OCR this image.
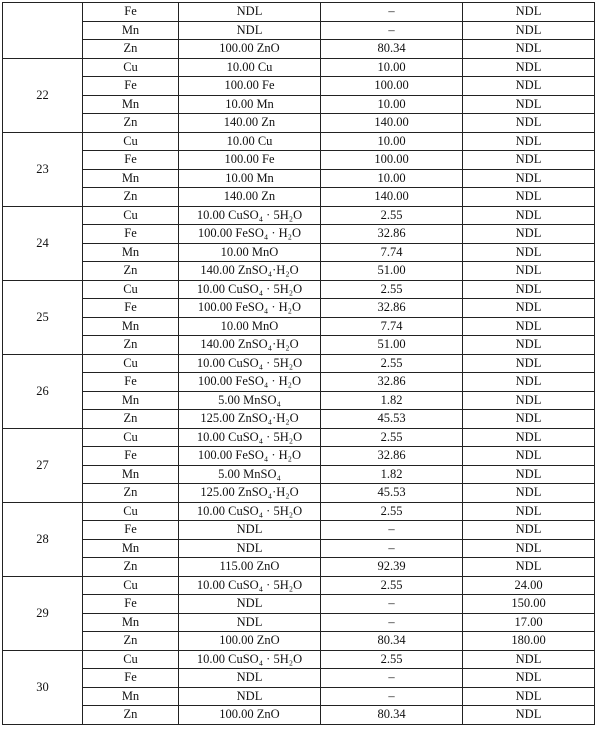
	Fe	NDL	–	NDL
	Mn	NDL	–	NDL
	Zn	100.00 ZnO	80.34	NDL
22	Cu	10.00 Cu	10.00	NDL
	Fe	100.00 Fe	100.00	NDL
	Mn	10.00 Mn	10.00	NDL
	Zn	140.00 Zn	140.00	NDL
23	Cu	10.00 Cu	10.00	NDL
	Fe	100.00 Fe	100.00	NDL
	Mn	10.00 Mn	10.00	NDL
	Zn	140.00 Zn	140.00	NDL
24	Cu	10.00 CuSO₄ · 5H₂O	2.55	NDL
	Fe	100.00 FeSO₄ · H₂O	32.86	NDL
	Mn	10.00 MnO	7.74	NDL
	Zn	140.00 ZnSO₄·H₂O	51.00	NDL
25	Cu	10.00 CuSO₄ · 5H₂O	2.55	NDL
	Fe	100.00 FeSO₄ · H₂O	32.86	NDL
	Mn	10.00 MnO	7.74	NDL
	Zn	140.00 ZnSO₄·H₂O	51.00	NDL
26	Cu	10.00 CuSO₄ · 5H₂O	2.55	NDL
	Fe	100.00 FeSO₄ · H₂O	32.86	NDL
	Mn	5.00 MnSO₄	1.82	NDL
	Zn	125.00 ZnSO₄·H₂O	45.53	NDL
27	Cu	10.00 CuSO₄ · 5H₂O	2.55	NDL
	Fe	100.00 FeSO₄ · H₂O	32.86	NDL
	Mn	5.00 MnSO₄	1.82	NDL
	Zn	125.00 ZnSO₄·H₂O	45.53	NDL
28	Cu	10.00 CuSO₄ · 5H₂O	2.55	NDL
	Fe	NDL	–	NDL
	Mn	NDL	–	NDL
	Zn	115.00 ZnO	92.39	NDL
29	Cu	10.00 CuSO₄ · 5H₂O	2.55	24.00
	Fe	NDL	–	150.00
	Mn	NDL	–	17.00
	Zn	100.00 ZnO	80.34	180.00
30	Cu	10.00 CuSO₄ · 5H₂O	2.55	NDL
	Fe	NDL	–	NDL
	Mn	NDL	–	NDL
	Zn	100.00 ZnO	80.34	NDL
